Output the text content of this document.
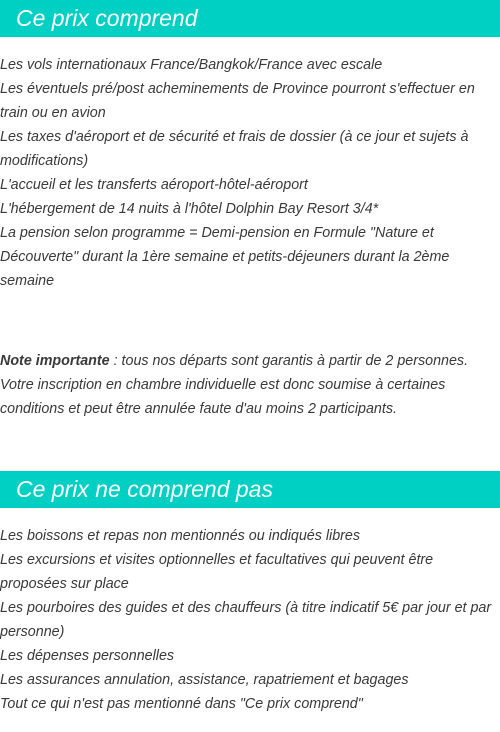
Ce prix comprend

Les vols internationaux France/Bangkok/France avec escale

Les éventuels pré/post acheminements de Province pourront s'effectuer en train ou en avion

Les taxes d'aéroport et de sécurité et frais de dossier (à ce jour et sujets à modifications)

L'accueil et les transferts aéroport-hôtel-aéroport

L'hébergement de 14 nuits à l'hôtel Dolphin Bay Resort 3/4*

La pension selon programme = Demi-pension en Formule "Nature et Découverte" durant la 1ère semaine et petits-déjeuners durant la 2ème semaine

Note importante : tous nos départs sont garantis à partir de 2 personnes. Votre inscription en chambre individuelle est donc soumise à certaines conditions et peut être annulée faute d'au moins 2 participants.

Ce prix ne comprend pas

Les boissons et repas non mentionnés ou indiqués libres

Les excursions et visites optionnelles et facultatives qui peuvent être proposées sur place

Les pourboires des guides et des chauffeurs (à titre indicatif 5€ par jour et par personne)

Les dépenses personnelles

Les assurances annulation, assistance, rapatriement et bagages

Tout ce qui n'est pas mentionné dans "Ce prix comprend"
